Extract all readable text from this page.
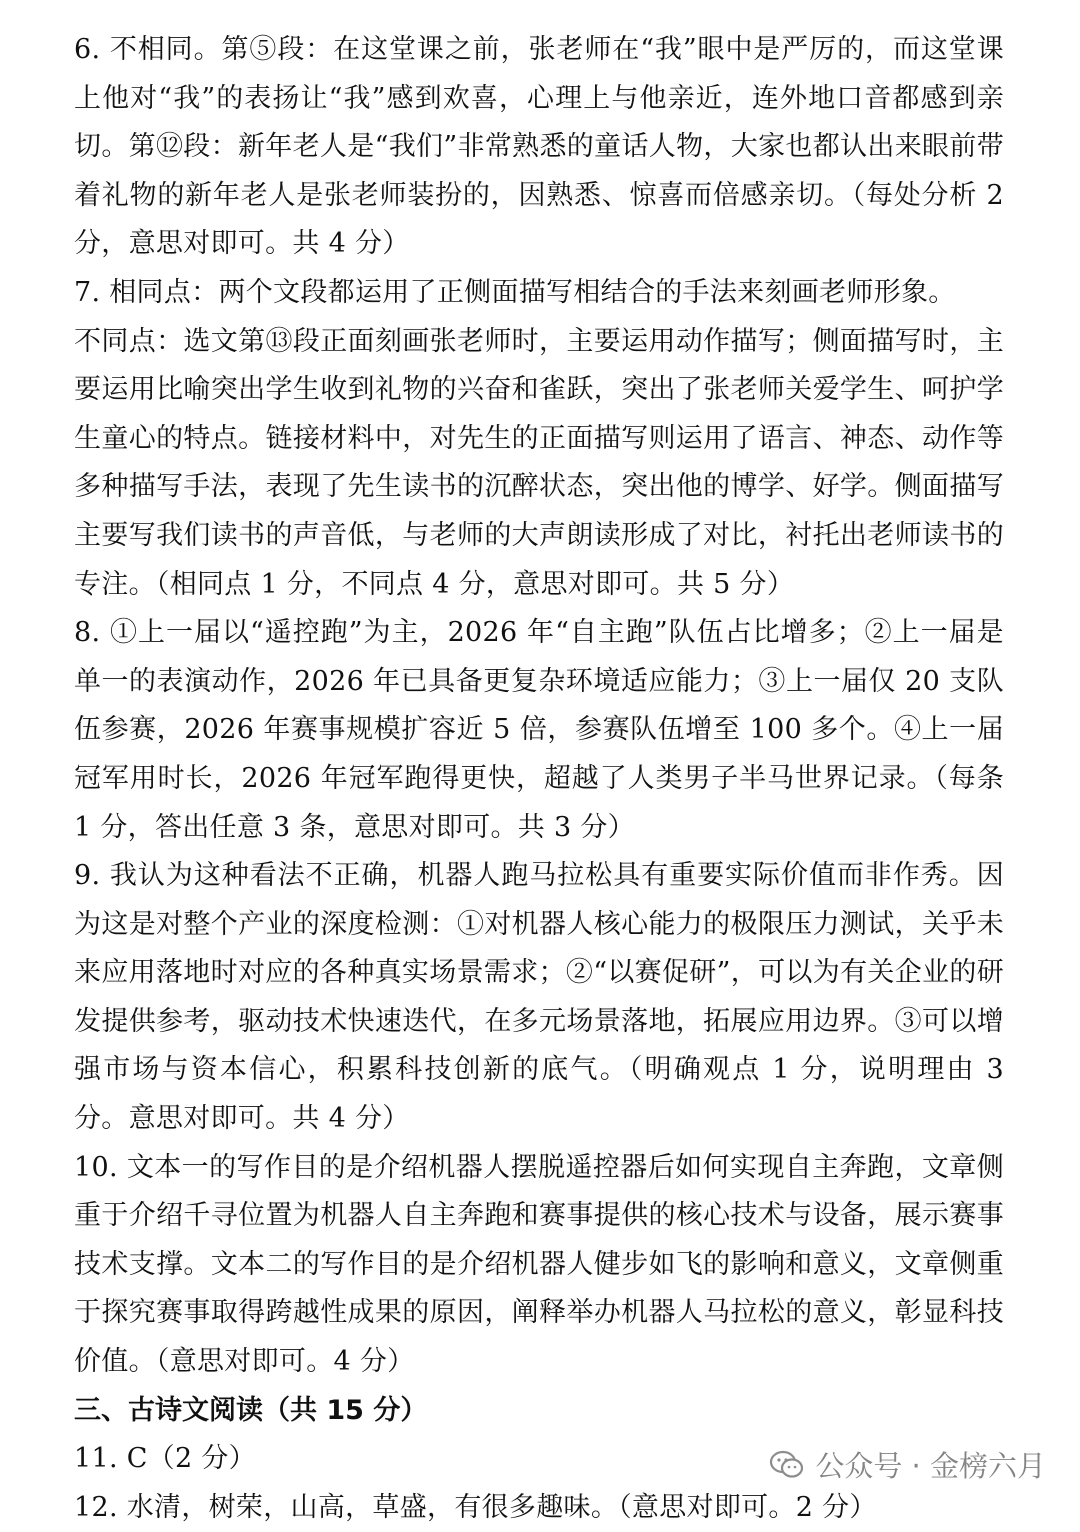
6. 不相同。第⑤段：在这堂课之前，张老师在“我”眼中是严厉的，而这堂课上他对“我”的表扬让“我”感到欢喜，心理上与他亲近，连外地口音都感到亲切。第⑫段：新年老人是“我们”非常熟悉的童话人物，大家也都认出来眼前带着礼物的新年老人是张老师装扮的，因熟悉、惊喜而倍感亲切。（每处分析 2 分，意思对即可。共 4 分）

7. 相同点：两个文段都运用了正侧面描写相结合的手法来刻画老师形象。

不同点：选文第⑬段正面刻画张老师时，主要运用动作描写；侧面描写时，主要运用比喻突出学生收到礼物的兴奋和雀跃，突出了张老师关爱学生、呵护学生童心的特点。链接材料中，对先生的正面描写则运用了语言、神态、动作等多种描写手法，表现了先生读书的沉醉状态，突出他的博学、好学。侧面描写主要写我们读书的声音低，与老师的大声朗读形成了对比，衬托出老师读书的专注。（相同点 1 分，不同点 4 分，意思对即可。共 5 分）

8. ①上一届以“遥控跑”为主，2026 年“自主跑”队伍占比增多；②上一届是单一的表演动作，2026 年已具备更复杂环境适应能力；③上一届仅 20 支队伍参赛，2026 年赛事规模扩容近 5 倍，参赛队伍增至 100 多个。④上一届冠军用时长，2026 年冠军跑得更快，超越了人类男子半马世界记录。（每条 1 分，答出任意 3 条，意思对即可。共 3 分）

9. 我认为这种看法不正确，机器人跑马拉松具有重要实际价值而非作秀。因为这是对整个产业的深度检测：①对机器人核心能力的极限压力测试，关乎未来应用落地时对应的各种真实场景需求；②“以赛促研”，可以为有关企业的研发提供参考，驱动技术快速迭代，在多元场景落地，拓展应用边界。③可以增强市场与资本信心，积累科技创新的底气。（明确观点 1 分，说明理由 3 分。意思对即可。共 4 分）

10. 文本一的写作目的是介绍机器人摆脱遥控器后如何实现自主奔跑，文章侧重于介绍千寻位置为机器人自主奔跑和赛事提供的核心技术与设备，展示赛事技术支撑。文本二的写作目的是介绍机器人健步如飞的影响和意义，文章侧重于探究赛事取得跨越性成果的原因，阐释举办机器人马拉松的意义，彰显科技价值。（意思对即可。4 分）

三、古诗文阅读（共 15 分）

11. C（2 分）

12. 水清，树荣，山高，草盛，有很多趣味。（意思对即可。2 分）

公众号 · 金榜六月
